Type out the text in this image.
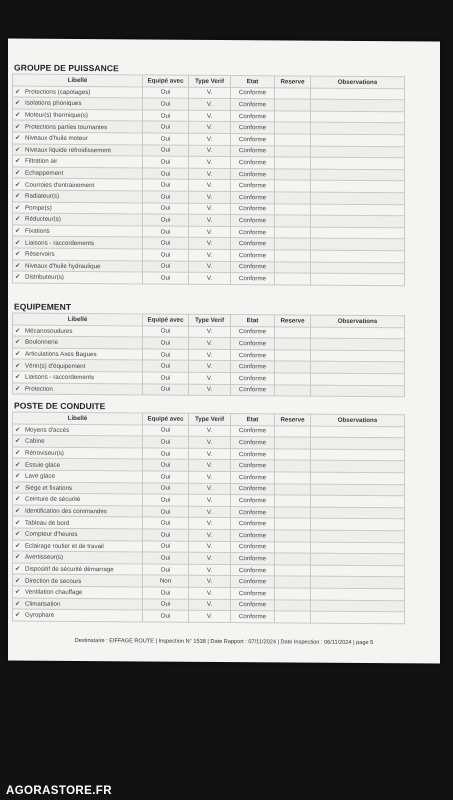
GROUPE DE PUISSANCE
Libellé	Equipé avec	Type Verif	Etat	Reserve	Observations
✔ Protections (capotages)	Oui	V.	Conforme		
✔ Isolations phoniques	Oui	V.	Conforme		
✔ Moteur(s) thermique(s)	Oui	V.	Conforme		
✔ Protections parties tournantes	Oui	V.	Conforme		
✔ Niveaux d'huile moteur	Oui	V.	Conforme		
✔ Niveaux liquide refroidissement	Oui	V.	Conforme		
✔ Filtration air	Oui	V.	Conforme		
✔ Echappement	Oui	V.	Conforme		
✔ Courroies d'entrainement	Oui	V.	Conforme		
✔ Radiateur(s)	Oui	V.	Conforme		
✔ Pompe(s)	Oui	V.	Conforme		
✔ Réducteur(s)	Oui	V.	Conforme		
✔ Fixations	Oui	V.	Conforme		
✔ Liaisons - raccordements	Oui	V.	Conforme		
✔ Réservoirs	Oui	V.	Conforme		
✔ Niveaux d'huile hydraulique	Oui	V.	Conforme		
✔ Distributeur(s)	Oui	V.	Conforme		
EQUIPEMENT
Libellé	Equipé avec	Type Verif	Etat	Reserve	Observations
✔ Mécanosoudures	Oui	V.	Conforme		
✔ Boulonnerie	Oui	V.	Conforme		
✔ Articulations Axes Bagues	Oui	V.	Conforme		
✔ Vérin(s) d'équipement	Oui	V.	Conforme		
✔ Liaisons - raccordements	Oui	V.	Conforme		
✔ Protection	Oui	V.	Conforme		
POSTE DE CONDUITE
Libellé	Equipé avec	Type Verif	Etat	Reserve	Observations
✔ Moyens d'accès	Oui	V.	Conforme		
✔ Cabine	Oui	V.	Conforme		
✔ Rétroviseur(s)	Oui	V.	Conforme		
✔ Essuie glace	Oui	V.	Conforme		
✔ Lave glace	Oui	V.	Conforme		
✔ Siège et fixations	Oui	V.	Conforme		
✔ Ceinture de sécurité	Oui	V.	Conforme		
✔ Identification des commandes	Oui	V.	Conforme		
✔ Tableau de bord	Oui	V.	Conforme		
✔ Compteur d'heures	Oui	V.	Conforme		
✔ Eclairage routier et de travail	Oui	V.	Conforme		
✔ Avertisseur(s)	Oui	V.	Conforme		
✔ Dispositif de sécurité démarrage	Oui	V.	Conforme		
✔ Direction de secours	Non	V.	Conforme		
✔ Ventilation chauffage	Oui	V.	Conforme		
✔ Climatisation	Oui	V.	Conforme		
✔ Gyrophare	Oui	V.	Conforme		
Destinataire : EIFFAGE ROUTE | Inspection N° 1538 | Date Rapport : 07/11/2024 | Date Inspection : 06/11/2024 | page 5
AGORASTORE.FR
